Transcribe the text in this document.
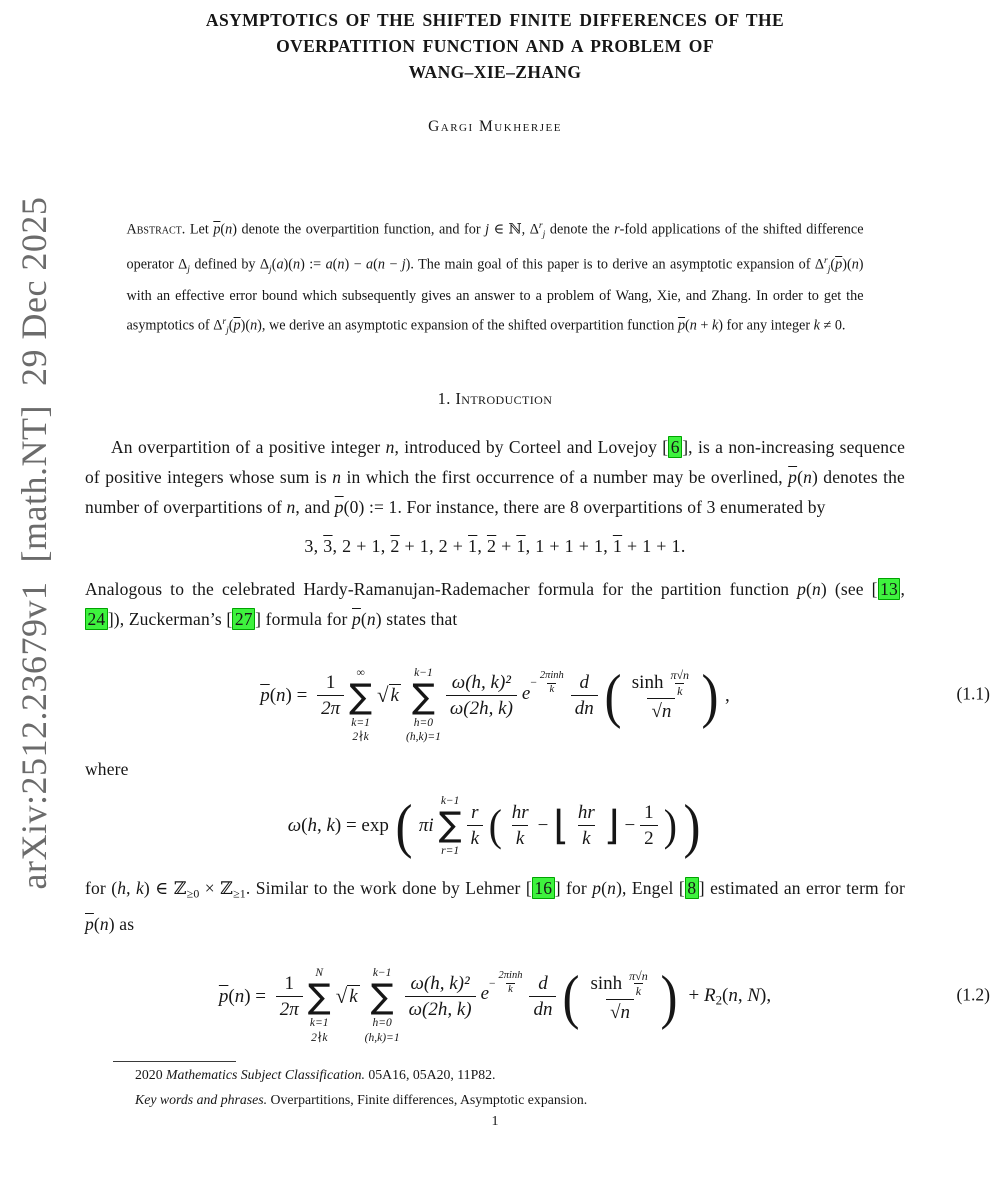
arXiv:2512.23679v1  [math.NT]  29 Dec 2025
ASYMPTOTICS OF THE SHIFTED FINITE DIFFERENCES OF THE
OVERPATITION FUNCTION AND A PROBLEM OF
WANG–XIE–ZHANG
Gargi Mukherjee

Abstract. Let $\overline{p}(n)$ denote the overpartition function, and for j ∈ ℕ, $\Delta^r_j$ denote the r-fold applications of the shifted difference operator $\Delta_j$ defined by $\Delta_j(a)(n)$ := a(n) − a(n − j). The main goal of this paper is to derive an asymptotic expansion of $\Delta^r_j(\overline{p})(n)$ with an effective error bound which subsequently gives an answer to a problem of Wang, Xie, and Zhang. In order to get the asymptotics of $\Delta^r_j(\overline{p})(n)$, we derive an asymptotic expansion of the shifted overpartition function $\overline{p}(n + k)$ for any integer k ≠ 0.

1. Introduction

An overpartition of a positive integer n, introduced by Corteel and Lovejoy [ 6 ], is a non-increasing sequence of positive integers whose sum is n in which the first occurrence of a number may be overlined, $\overline{p}(n)$ denotes the number of overpartitions of n, and $\overline{p}(0)$ := 1. For instance, there are 8 overpartitions of 3 enumerated by

3, 3, 2 + 1, 2 + 1, 2 + 1, 2 + 1, 1 + 1 + 1, 1 + 1 + 1.

Analogous to the celebrated Hardy-Ramanujan-Rademacher formula for the partition function p(n) (see [ 13 , 24 ]), Zuckerman’s [ 27 ] formula for $\overline{p}(n)$ states that

$\overline{p}(n) = \frac{1}{2\pi}$ ∞
∑
k=1
2∤k
√ k
k−1
∑
h=0
(h,k)=1
$\frac{\text{ω(h, k)²}}{\omega(2h, k)}$ e −
2πinh
k $\frac{d}{dn}$ ( sinh π√n
k
√n ) ,	(1.1)

where

ω(h, k) = exp ( πi
k−1
∑
r=1
$\frac{r}{k}$ ( $\frac{hr}{k}$ − ⌊ $\frac{hr}{k}$ ⌋ − $\frac{1}{2}$ ) )

for (h, k) ∈ ℤ$_{\ge 0}$ × ℤ$_{\ge 1}$. Similar to the work done by Lehmer [ 16 ] for p(n), Engel [ 8 ] estimated an error term for $\overline{p}(n)$ as

$\overline{p}(n) = \frac{1}{2\pi}$ N
∑
k=1
2∤k
√ k
k−1
∑
h=0
(h,k)=1
$\frac{\text{ω(h, k)²}}{\omega(2h, k)}$ e −
2πinh
k $\frac{d}{dn}$ ( sinh π√n
k
√n ) + R2(n, N),	(1.2)

2020 Mathematics Subject Classification. 05A16, 05A20, 11P82.

Key words and phrases. Overpartitions, Finite differences, Asymptotic expansion.

1
